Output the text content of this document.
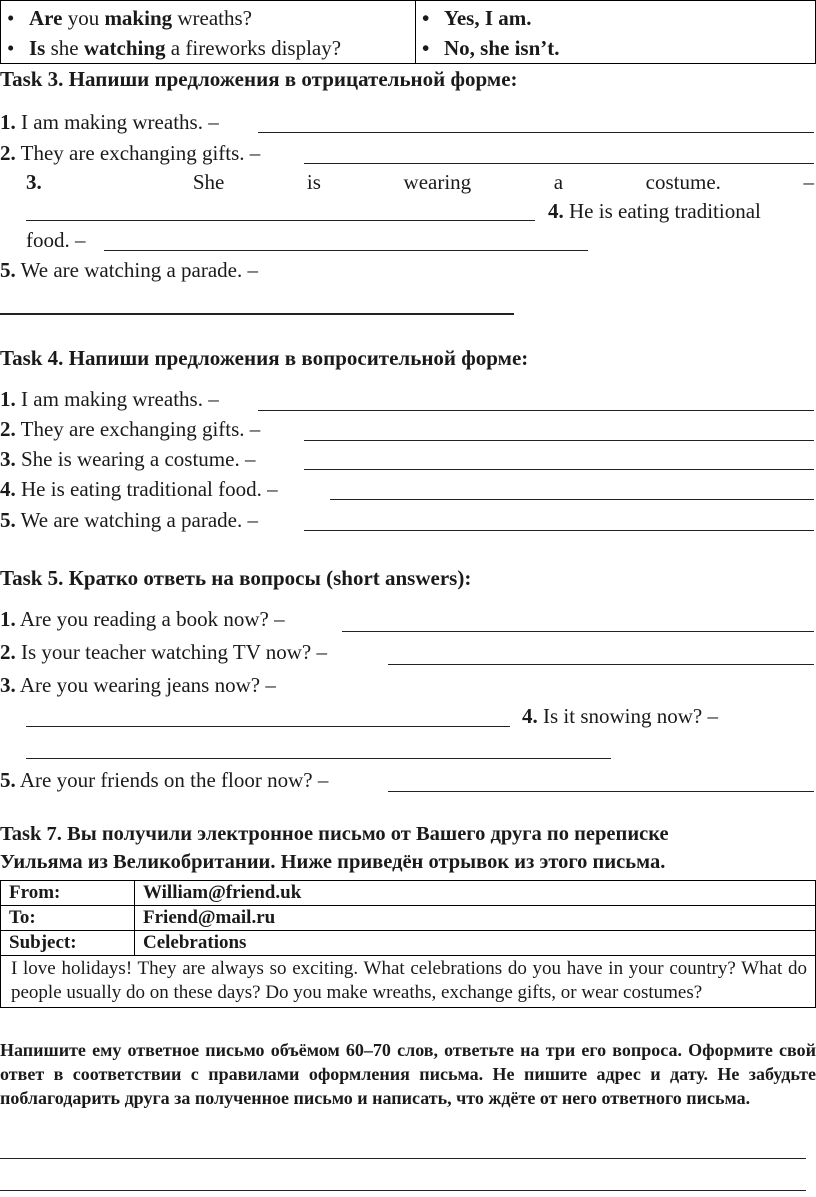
• Are you making wreaths?
• Is she watching a fireworks display?

• Yes, I am.
• No, she isn’t.
Task 3. Напиши предложения в отрицательной форме:
1. I am making wreaths. –
2. They are exchanging gifts. –
3.	She is wearing a costume. –
4. He is eating traditional
food. –
5. We are watching a parade. –
Task 4. Напиши предложения в вопросительной форме:
1. I am making wreaths. –
2. They are exchanging gifts. –
3. She is wearing a costume. –
4. He is eating traditional food. –
5. We are watching a parade. –
Task 5. Кратко ответь на вопросы (short answers):
1. Are you reading a book now? –
2. Is your teacher watching TV now? –
3. Are you wearing jeans now? –
4. Is it snowing now? –
5. Are your friends on the floor now? –
Task 7. Вы получили электронное письмо от Вашего друга по переписке
Уильяма из Великобритании. Ниже приведён отрывок из этого письма.
From:	William@friend.uk
To:	Friend@mail.ru
Subject:	Celebrations
I love holidays! They are always so exciting. What celebrations do you have in your country? What do people usually do on these days? Do you make wreaths, exchange gifts, or wear costumes?	
Напишите ему ответное письмо объёмом 60–70 слов, ответьте на три его вопроса. Оформите свой ответ в соответствии с правилами оформления письма. Не пишите адрес и дату. Не забудьте поблагодарить друга за полученное письмо и написать, что ждёте от него ответного письма.
